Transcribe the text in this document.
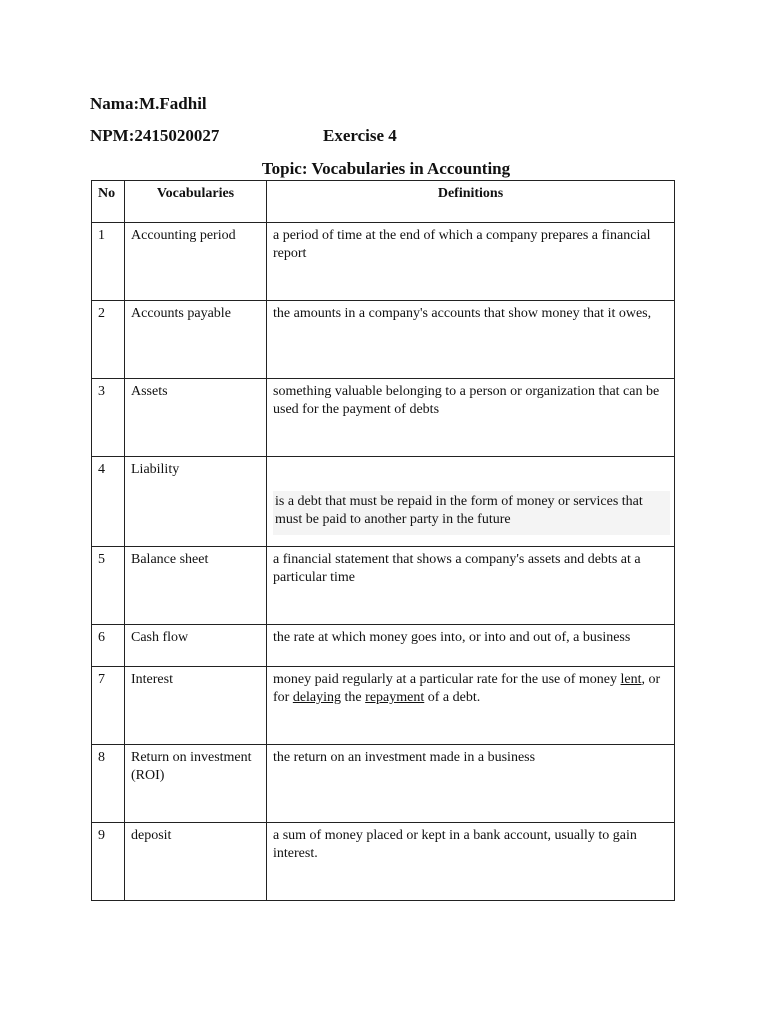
Nama:M.Fadhil
NPM:2415020027	Exercise 4
Topic: Vocabularies in Accounting
No	Vocabularies	Definitions

1	Accounting period	a period of time at the end of which a company prepares a financial report

2	Accounts payable	the amounts in a company's accounts that show money that it owes,

3	Assets	something valuable belonging to a person or organization that can be used for the payment of debts

4	Liability	is a debt that must be repaid in the form of money or services that must be paid to another party in the future

5	Balance sheet	a financial statement that shows a company's assets and debts at a particular time

6	Cash flow	the rate at which money goes into, or into and out of, a business

7	Interest	money paid regularly at a particular rate for the use of money lent, or for delaying the repayment of a debt.

8	Return on investment (ROI)	the return on an investment made in a business

9	deposit	a sum of money placed or kept in a bank account, usually to gain interest.
